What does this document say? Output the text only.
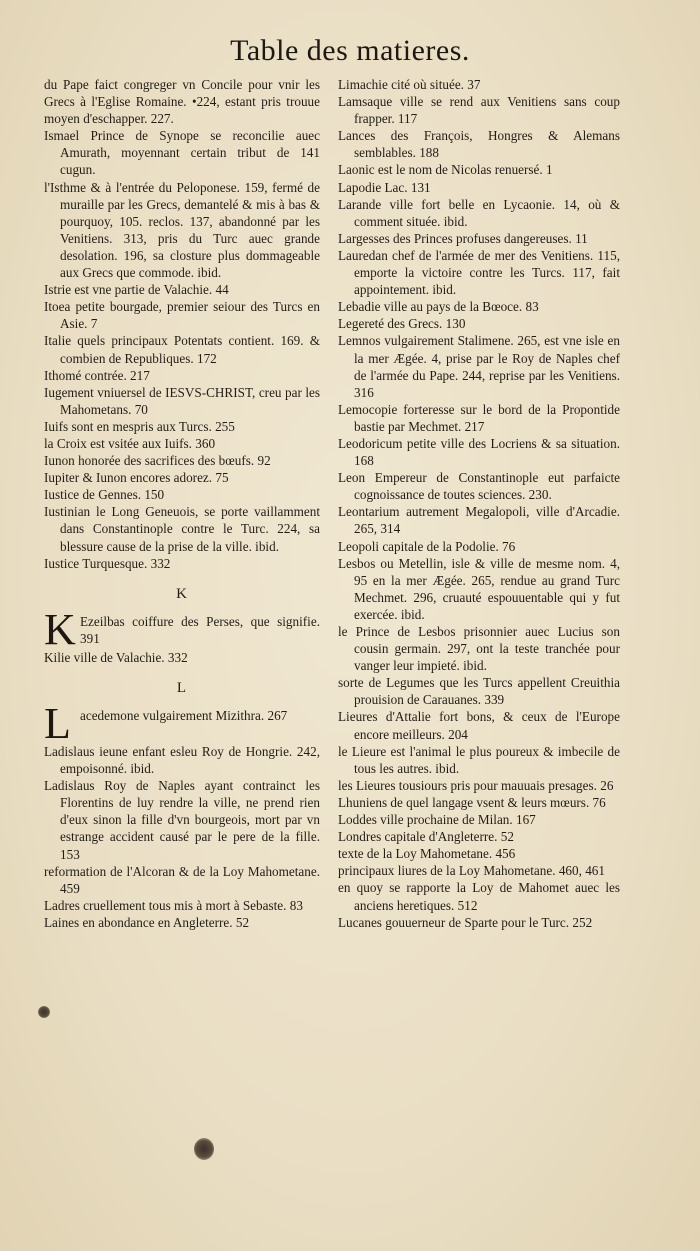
Table des matieres.

du Pape faict congreger vn Concile pour vnir les Grecs à l'Eglise Romaine. •224, estant pris trouue moyen d'eschapper. 227.

Ismael Prince de Synope se reconcilie auec Amurath, moyennant certain tribut de 141 cugun.

l'Isthme & à l'entrée du Peloponese. 159, fermé de muraille par les Grecs, demantelé & mis à bas & pourquoy, 105. reclos. 137, abandonné par les Venitiens. 313, pris du Turc auec grande desolation. 196, sa closture plus dommageable aux Grecs que commode. ibid.

Istrie est vne partie de Valachie. 44

Itoea petite bourgade, premier seiour des Turcs en Asie. 7

Italie quels principaux Potentats contient. 169. & combien de Republiques. 172

Ithomé contrée. 217

Iugement vniuersel de IESVS-CHRIST, creu par les Mahometans. 70

Iuifs sont en mespris aux Turcs. 255

la Croix est vsitée aux Iuifs. 360

Iunon honorée des sacrifices des bœufs. 92

Iupiter & Iunon encores adorez. 75

Iustice de Gennes. 150

Iustinian le Long Geneuois, se porte vaillamment dans Constantinople contre le Turc. 224, sa blessure cause de la prise de la ville. ibid.

Iustice Turquesque. 332

K

K Ezeilbas coiffure des Perses, que signifie. 391

Kilie ville de Valachie. 332

L

L acedemone vulgairement Mizithra. 267

Ladislaus ieune enfant esleu Roy de Hongrie. 242, empoisonné. ibid.

Ladislaus Roy de Naples ayant contrainct les Florentins de luy rendre la ville, ne prend rien d'eux sinon la fille d'vn bourgeois, mort par vn estrange accident causé par le pere de la fille. 153

reformation de l'Alcoran & de la Loy Mahometane. 459

Ladres cruellement tous mis à mort à Sebaste. 83

Laines en abondance en Angleterre. 52

Limachie cité où située. 37

Lamsaque ville se rend aux Venitiens sans coup frapper. 117

Lances des François, Hongres & Alemans semblables. 188

Laonic est le nom de Nicolas renuersé. 1

Lapodie Lac. 131

Larande ville fort belle en Lycaonie. 14, où & comment située. ibid.

Largesses des Princes profuses dangereuses. 11

Lauredan chef de l'armée de mer des Venitiens. 115, emporte la victoire contre les Turcs. 117, fait appointement. ibid.

Lebadie ville au pays de la Bœoce. 83

Legereté des Grecs. 130

Lemnos vulgairement Stalimene. 265, est vne isle en la mer Ægée. 4, prise par le Roy de Naples chef de l'armée du Pape. 244, reprise par les Venitiens. 316

Lemocopie forteresse sur le bord de la Propontide bastie par Mechmet. 217

Leodoricum petite ville des Locriens & sa situation. 168

Leon Empereur de Constantinople eut parfaicte cognoissance de toutes sciences. 230.

Leontarium autrement Megalopoli, ville d'Arcadie. 265, 314

Leopoli capitale de la Podolie. 76

Lesbos ou Metellin, isle & ville de mesme nom. 4, 95 en la mer Ægée. 265, rendue au grand Turc Mechmet. 296, cruauté espouuentable qui y fut exercée. ibid.

le Prince de Lesbos prisonnier auec Lucius son cousin germain. 297, ont la teste tranchée pour vanger leur impieté. ibid.

sorte de Legumes que les Turcs appellent Creuithia prouision de Carauanes. 339

Lieures d'Attalie fort bons, & ceux de l'Europe encore meilleurs. 204

le Lieure est l'animal le plus poureux & imbecile de tous les autres. ibid.

les Lieures tousiours pris pour mauuais presages. 26

Lhuniens de quel langage vsent & leurs mœurs. 76

Loddes ville prochaine de Milan. 167

Londres capitale d'Angleterre. 52

texte de la Loy Mahometane. 456

principaux liures de la Loy Mahometane. 460, 461

en quoy se rapporte la Loy de Mahomet auec les anciens heretiques. 512

Lucanes gouuerneur de Sparte pour le Turc. 252
